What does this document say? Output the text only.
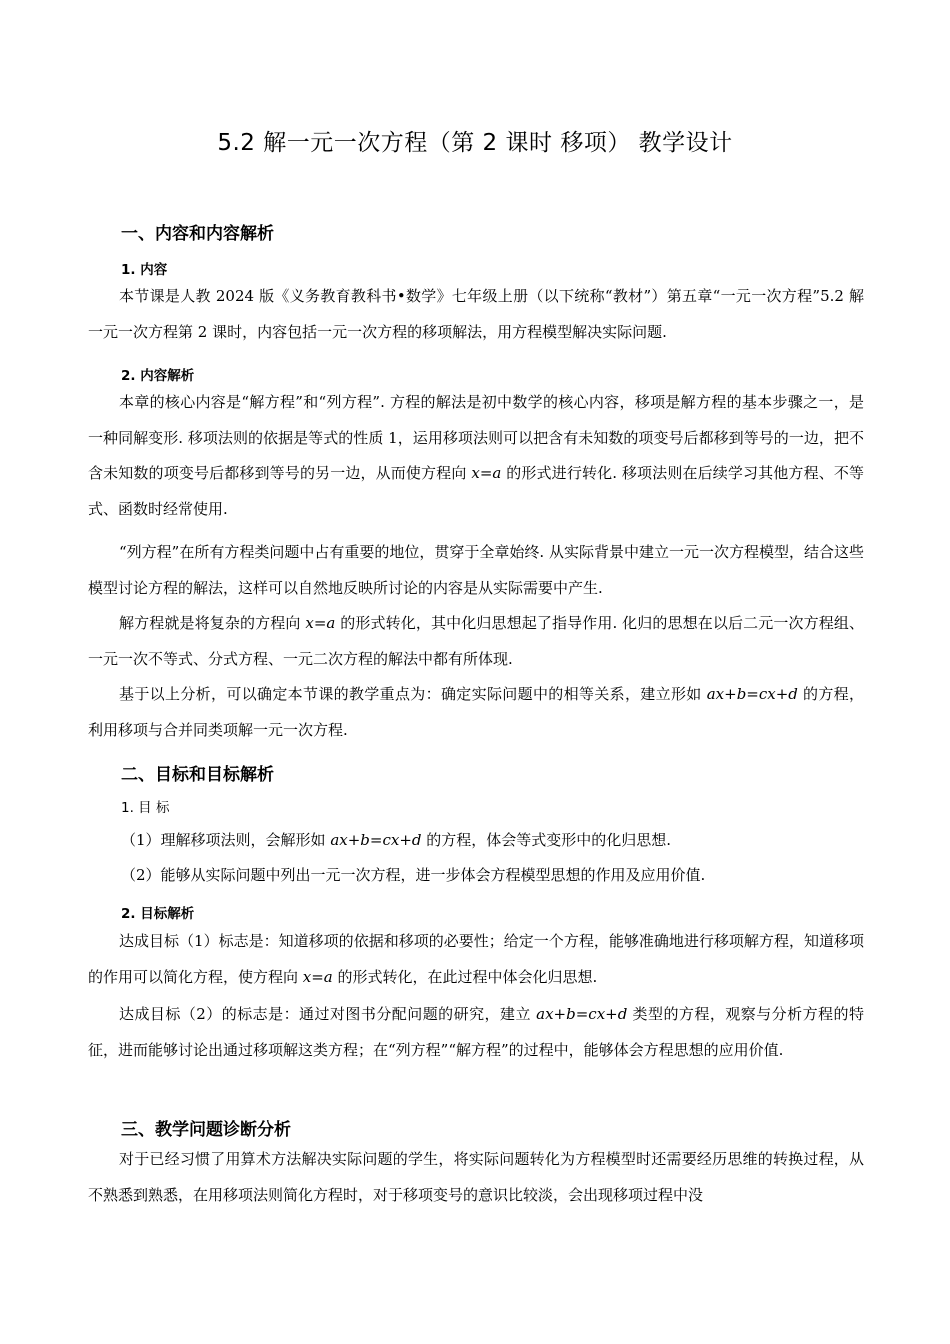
5.2 解一元一次方程（第 2 课时 移项） 教学设计
一、内容和内容解析
1. 内容
本节课是人教 2024 版《义务教育教科书•数学》七年级上册（以下统称“教材”）第五章“一元一次方程”5.2 解一元一次方程第 2 课时，内容包括一元一次方程的移项解法，用方程模型解决实际问题.
2. 内容解析
本章的核心内容是“解方程”和“列方程”. 方程的解法是初中数学的核心内容，移项是解方程的基本步骤之一，是一种同解变形. 移项法则的依据是等式的性质 1，运用移项法则可以把含有未知数的项变号后都移到等号的一边，把不含未知数的项变号后都移到等号的另一边，从而使方程向 x=a 的形式进行转化. 移项法则在后续学习其他方程、不等式、函数时经常使用.
“列方程”在所有方程类问题中占有重要的地位，贯穿于全章始终. 从实际背景中建立一元一次方程模型，结合这些模型讨论方程的解法，这样可以自然地反映所讨论的内容是从实际需要中产生.
解方程就是将复杂的方程向 x=a 的形式转化，其中化归思想起了指导作用. 化归的思想在以后二元一次方程组、一元一次不等式、分式方程、一元二次方程的解法中都有所体现.
基于以上分析，可以确定本节课的教学重点为：确定实际问题中的相等关系，建立形如 ax+b=cx+d 的方程，利用移项与合并同类项解一元一次方程.
二、目标和目标解析
1. 目 标
（1）理解移项法则，会解形如 ax+b=cx+d 的方程，体会等式变形中的化归思想.
（2）能够从实际问题中列出一元一次方程，进一步体会方程模型思想的作用及应用价值.
2. 目标解析
达成目标（1）标志是：知道移项的依据和移项的必要性；给定一个方程，能够准确地进行移项解方程，知道移项的作用可以简化方程，使方程向 x=a 的形式转化，在此过程中体会化归思想.
达成目标（2）的标志是：通过对图书分配问题的研究，建立 ax+b=cx+d 类型的方程，观察与分析方程的特征，进而能够讨论出通过移项解这类方程；在“列方程”“解方程”的过程中，能够体会方程思想的应用价值.
三、教学问题诊断分析
对于已经习惯了用算术方法解决实际问题的学生，将实际问题转化为方程模型时还需要经历思维的转换过程，从不熟悉到熟悉，在用移项法则简化方程时，对于移项变号的意识比较淡，会出现移项过程中没
